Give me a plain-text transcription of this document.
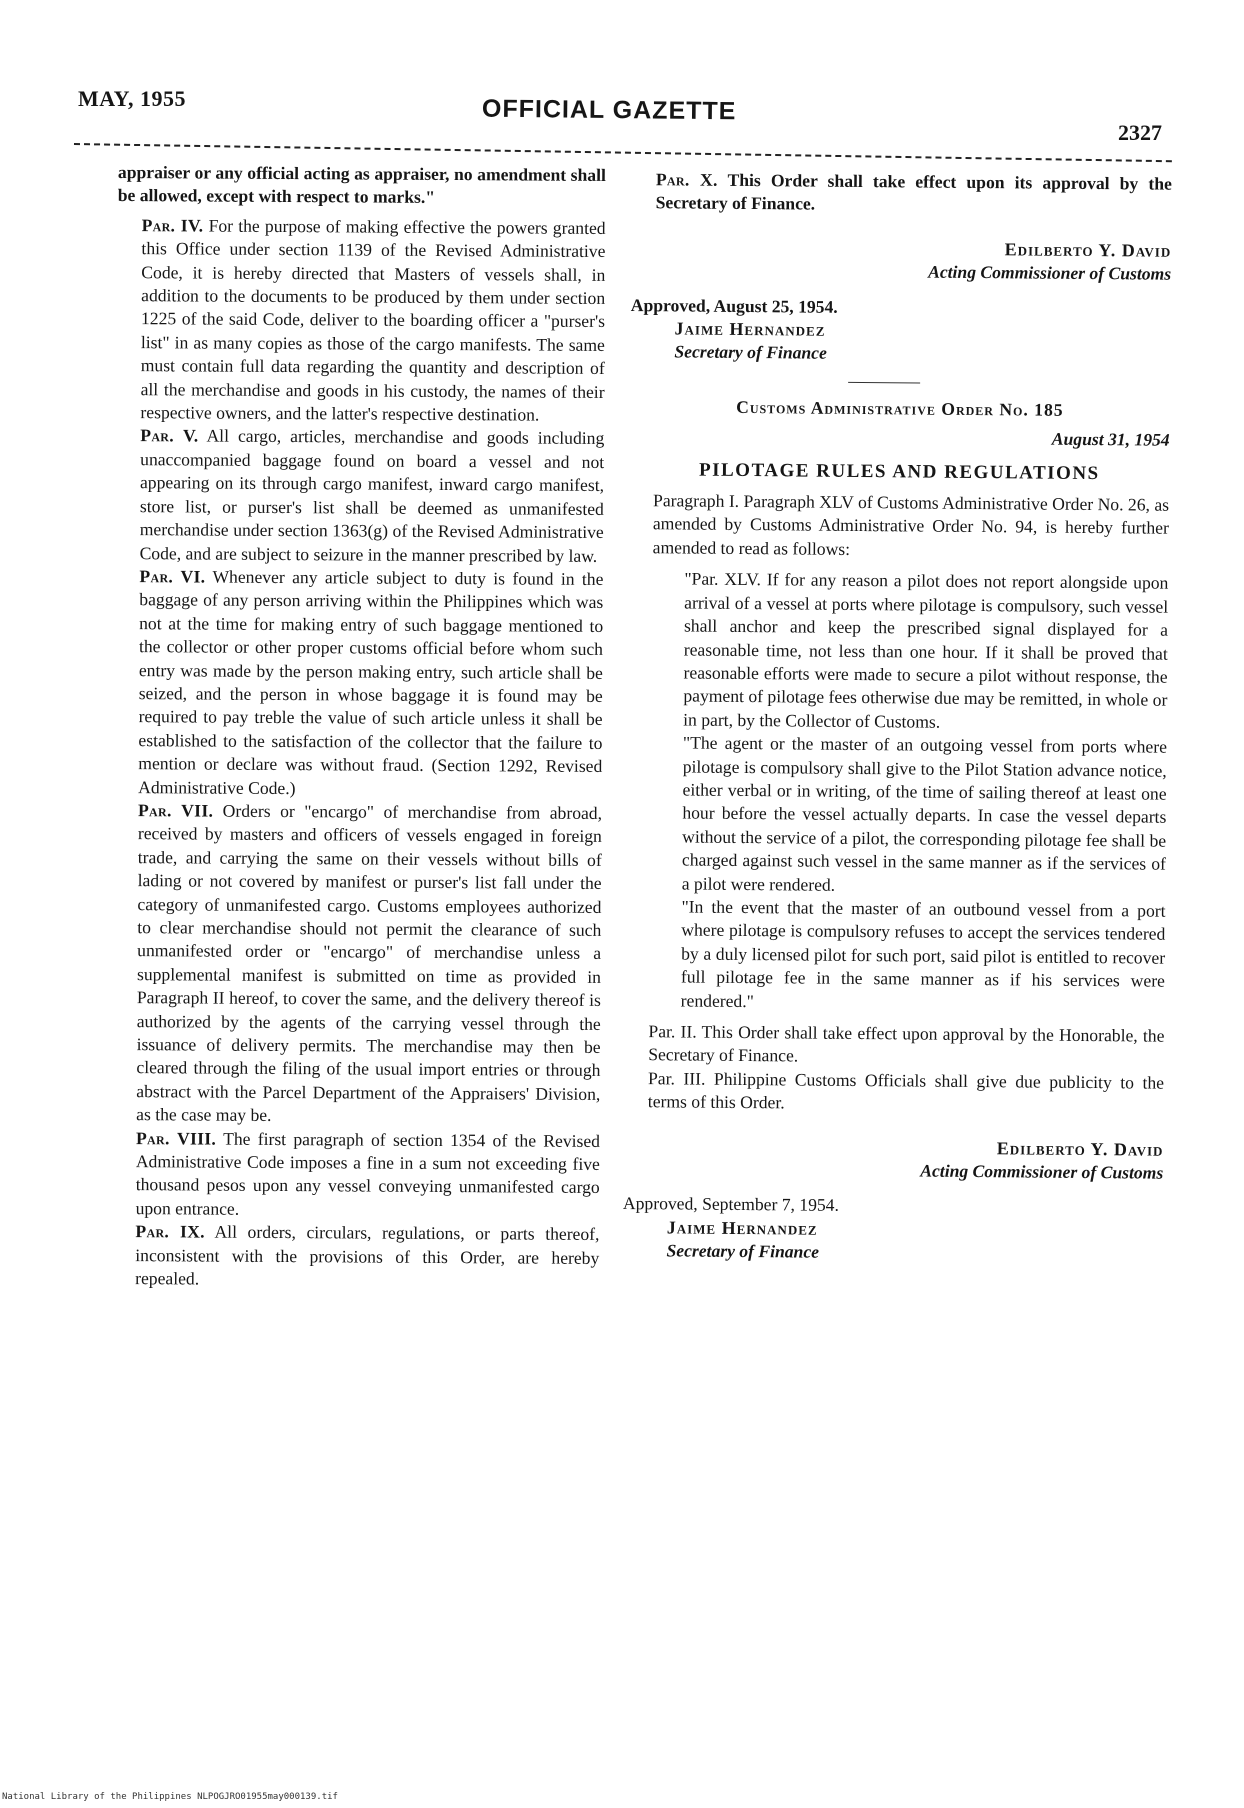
MAY, 1955	OFFICIAL GAZETTE
2327

appraiser or any official acting as appraiser, no amendment shall be allowed, except with respect to marks."

Par. IV. For the purpose of making effective the powers granted this Office under section 1139 of the Revised Administrative Code, it is hereby directed that Masters of vessels shall, in addition to the documents to be produced by them under section 1225 of the said Code, deliver to the boarding officer a "purser's list" in as many copies as those of the cargo manifests. The same must contain full data regarding the quantity and description of all the merchandise and goods in his custody, the names of their respective owners, and the latter's respective destination.

Par. V. All cargo, articles, merchandise and goods including unaccompanied baggage found on board a vessel and not appearing on its through cargo manifest, inward cargo manifest, store list, or purser's list shall be deemed as unmanifested merchandise under section 1363(g) of the Revised Administrative Code, and are subject to seizure in the manner prescribed by law.

Par. VI. Whenever any article subject to duty is found in the baggage of any person arriving within the Philippines which was not at the time for making entry of such baggage mentioned to the collector or other proper customs official before whom such entry was made by the person making entry, such article shall be seized, and the person in whose baggage it is found may be required to pay treble the value of such article unless it shall be established to the satisfaction of the collector that the failure to mention or declare was without fraud. (Section 1292, Revised Administrative Code.)

Par. VII. Orders or "encargo" of merchandise from abroad, received by masters and officers of vessels engaged in foreign trade, and carrying the same on their vessels without bills of lading or not covered by manifest or purser's list fall under the category of unmanifested cargo. Customs employees authorized to clear merchandise should not permit the clearance of such unmanifested order or "encargo" of merchandise unless a supplemental manifest is submitted on time as provided in Paragraph II hereof, to cover the same, and the delivery thereof is authorized by the agents of the carrying vessel through the issuance of delivery permits. The merchandise may then be cleared through the filing of the usual import entries or through abstract with the Parcel Department of the Appraisers' Division, as the case may be.

Par. VIII. The first paragraph of section 1354 of the Revised Administrative Code imposes a fine in a sum not exceeding five thousand pesos upon any vessel conveying unmanifested cargo upon entrance.

Par. IX. All orders, circulars, regulations, or parts thereof, inconsistent with the provisions of this Order, are hereby repealed.

Par. X. This Order shall take effect upon its approval by the Secretary of Finance.

Edilberto Y. David
Acting Commissioner of Customs

Approved, August 25, 1954.

Jaime Hernandez
Secretary of Finance
Customs Administrative Order No. 185
August 31, 1954
PILOTAGE RULES AND REGULATIONS

Paragraph I. Paragraph XLV of Customs Administrative Order No. 26, as amended by Customs Administrative Order No. 94, is hereby further amended to read as follows:

"Par. XLV. If for any reason a pilot does not report alongside upon arrival of a vessel at ports where pilotage is compulsory, such vessel shall anchor and keep the prescribed signal displayed for a reasonable time, not less than one hour. If it shall be proved that reasonable efforts were made to secure a pilot without response, the payment of pilotage fees otherwise due may be remitted, in whole or in part, by the Collector of Customs.

"The agent or the master of an outgoing vessel from ports where pilotage is compulsory shall give to the Pilot Station advance notice, either verbal or in writing, of the time of sailing thereof at least one hour before the vessel actually departs. In case the vessel departs without the service of a pilot, the corresponding pilotage fee shall be charged against such vessel in the same manner as if the services of a pilot were rendered.

"In the event that the master of an outbound vessel from a port where pilotage is compulsory refuses to accept the services tendered by a duly licensed pilot for such port, said pilot is entitled to recover full pilotage fee in the same manner as if his services were rendered."

Par. II. This Order shall take effect upon approval by the Honorable, the Secretary of Finance.

Par. III. Philippine Customs Officials shall give due publicity to the terms of this Order.

Edilberto Y. David
Acting Commissioner of Customs

Approved, September 7, 1954.

Jaime Hernandez
Secretary of Finance
National Library of the Philippines NLPOGJRO01955may000139.tif
